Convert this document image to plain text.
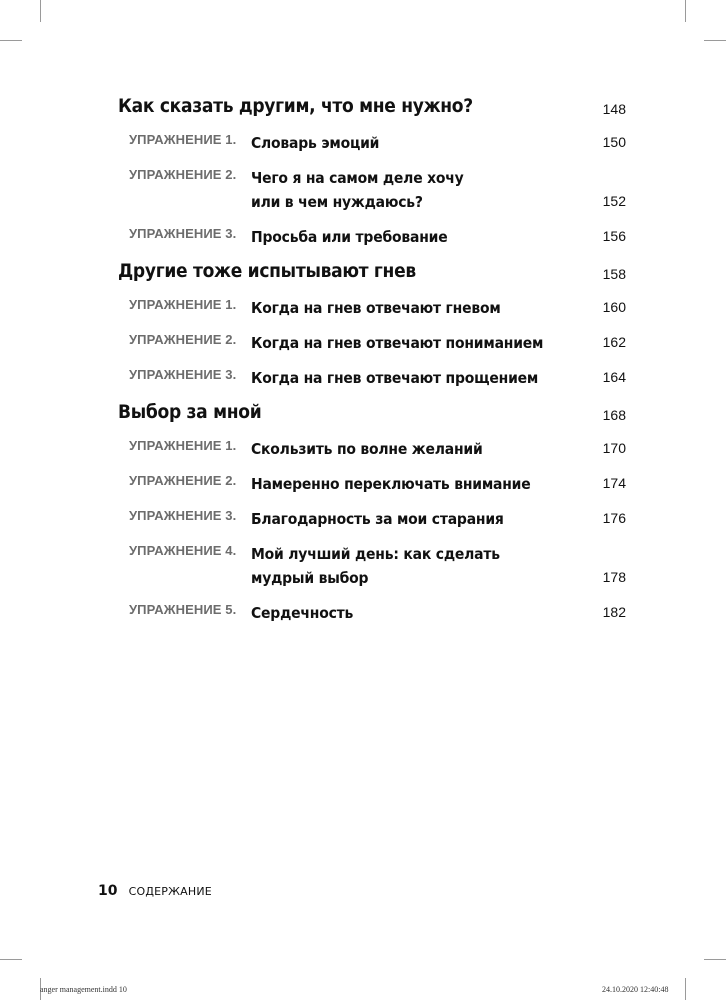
Как сказать другим, что мне нужно?	148
УПРАЖНЕНИЕ 1. Словарь эмоций	150
УПРАЖНЕНИЕ 2. Чего я на самом деле хочу
или в чем нуждаюсь?	152
УПРАЖНЕНИЕ 3. Просьба или требование	156
Другие тоже испытывают гнев	158
УПРАЖНЕНИЕ 1. Когда на гнев отвечают гневом	160
УПРАЖНЕНИЕ 2. Когда на гнев отвечают пониманием	162
УПРАЖНЕНИЕ 3. Когда на гнев отвечают прощением	164
Выбор за мной	168
УПРАЖНЕНИЕ 1. Скользить по волне желаний	170
УПРАЖНЕНИЕ 2. Намеренно переключать внимание	174
УПРАЖНЕНИЕ 3. Благодарность за мои старания	176
УПРАЖНЕНИЕ 4. Мой лучший день: как сделать
мудрый выбор	178
УПРАЖНЕНИЕ 5. Сердечность	182
10 СОДЕРЖАНИЕ
anger management.indd 10	24.10.2020 12:40:48
